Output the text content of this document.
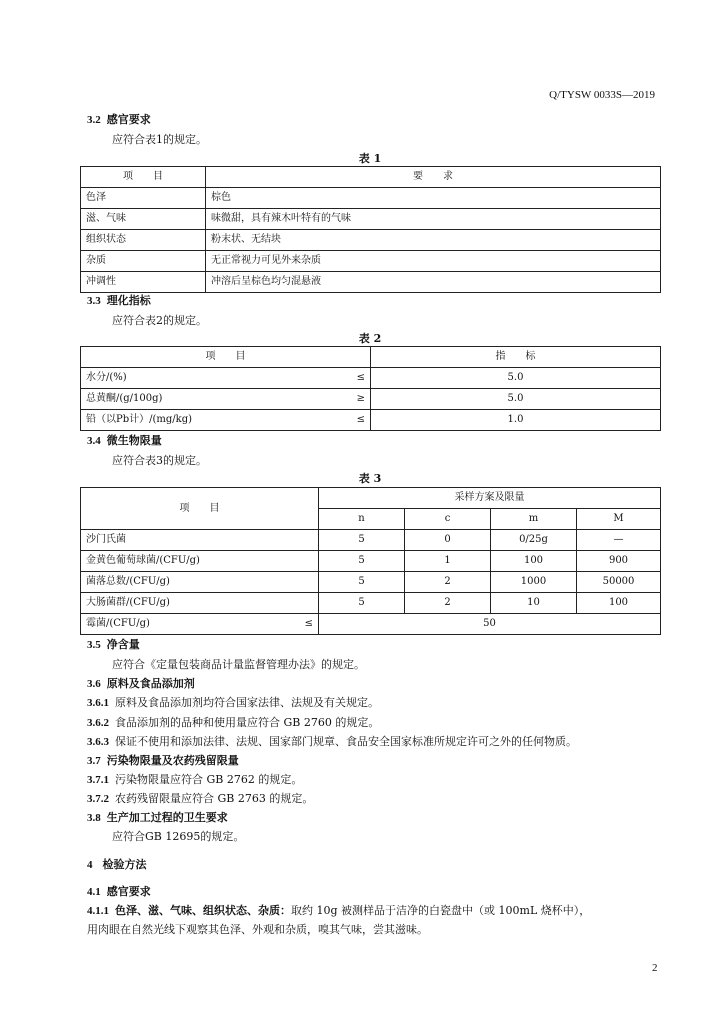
Q/TYSW 0033S—2019
3.2 感官要求
应符合表1的规定。
表 1
项　　目	要　　求
色泽	棕色
滋、气味	味微甜，具有辣木叶特有的气味
组织状态	粉末状、无结块
杂质	无正常视力可见外来杂质
冲调性	冲溶后呈棕色均匀混悬液
3.3 理化指标
应符合表2的规定。
表 2
项　　目	指　　标
水分/(%) ≤	5.0
总黄酮/(g/100g) ≥	5.0
铅（以Pb计）/(mg/kg) ≤	1.0
3.4 微生物限量
应符合表3的规定。
表 3
项　　目	采样方案及限量			
	n	c	m	M
沙门氏菌	5	0	0/25g	—
金黄色葡萄球菌/(CFU/g)	5	1	100	900
菌落总数/(CFU/g)	5	2	1000	50000
大肠菌群/(CFU/g)	5	2	10	100
霉菌/(CFU/g) ≤	50			
3.5 净含量
应符合《定量包装商品计量监督管理办法》的规定。
3.6 原料及食品添加剂
3.6.1 原料及食品添加剂均符合国家法律、法规及有关规定。
3.6.2 食品添加剂的品种和使用量应符合 GB 2760 的规定。
3.6.3 保证不使用和添加法律、法规、国家部门规章、食品安全国家标准所规定许可之外的任何物质。
3.7 污染物限量及农药残留限量
3.7.1 污染物限量应符合 GB 2762 的规定。
3.7.2 农药残留限量应符合 GB 2763 的规定。
3.8 生产加工过程的卫生要求
应符合GB 12695的规定。
4 检验方法
4.1 感官要求
4.1.1 色泽、滋、气味、组织状态、杂质：取约 10g 被测样品于洁净的白瓷盘中（或 100mL 烧杯中），
用肉眼在自然光线下观察其色泽、外观和杂质，嗅其气味，尝其滋味。
2
